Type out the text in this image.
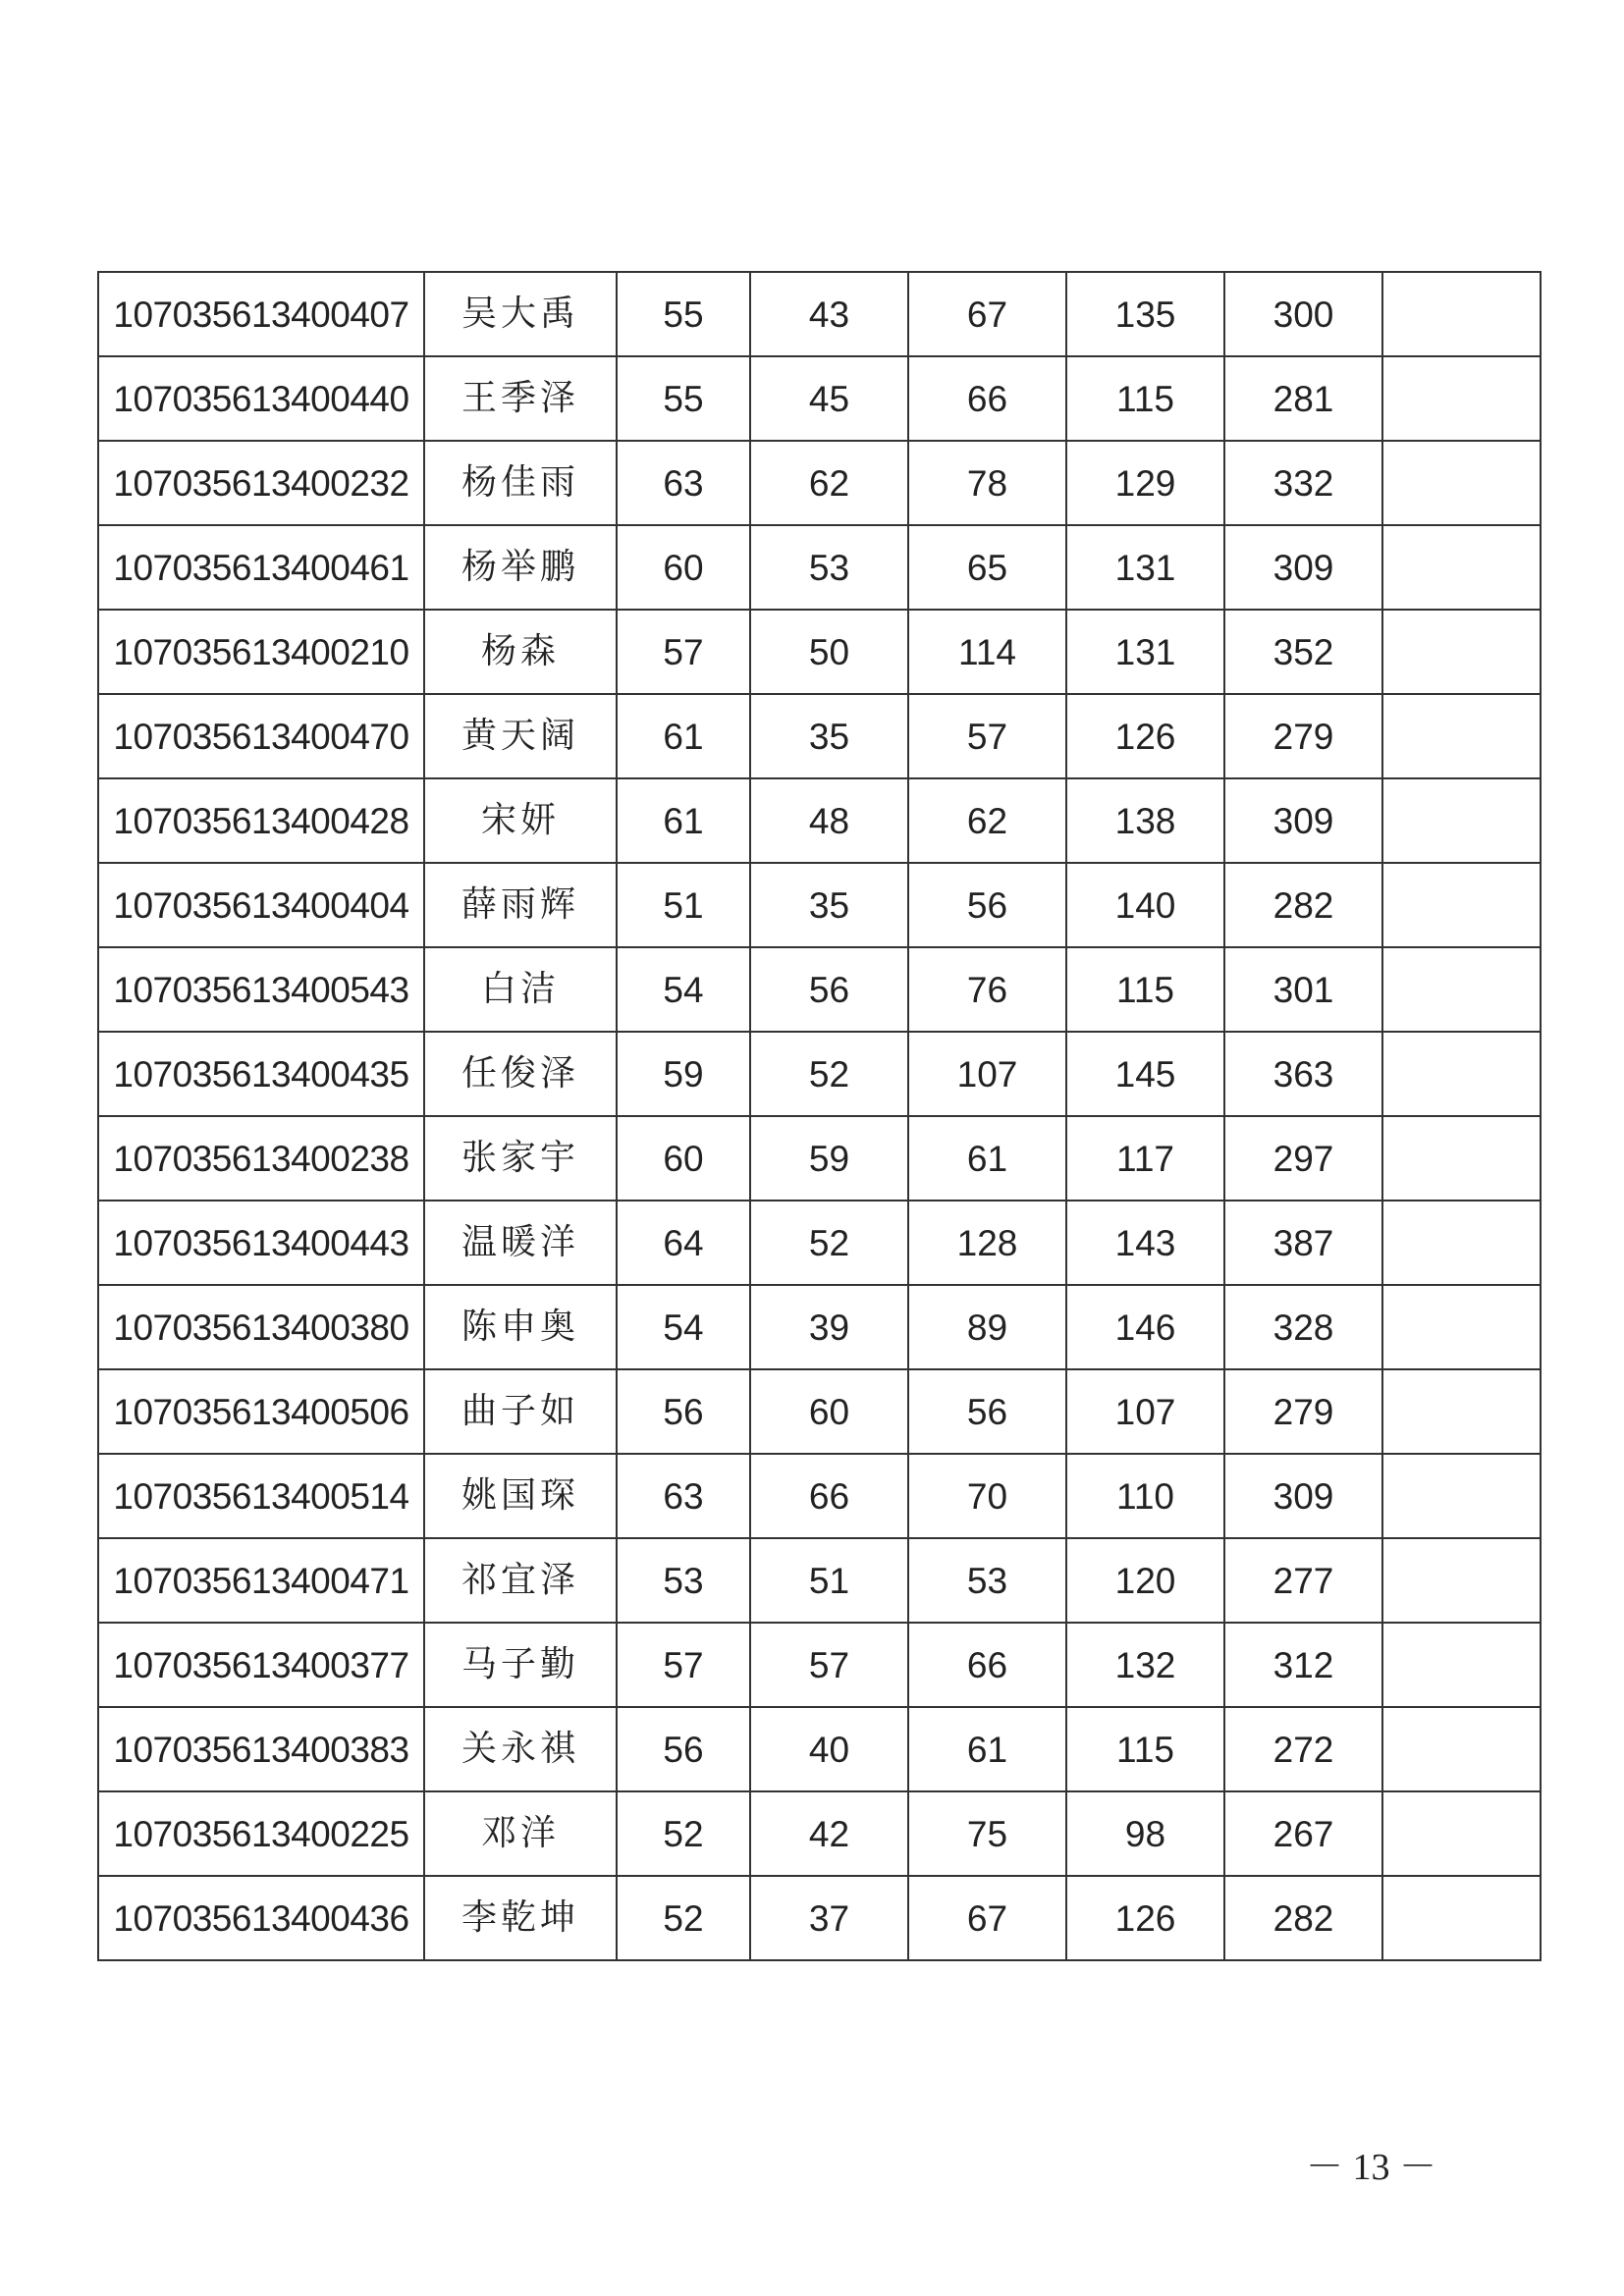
107035613400407	吴大禹	55	43	67	135	300	
107035613400440	王季泽	55	45	66	115	281	
107035613400232	杨佳雨	63	62	78	129	332	
107035613400461	杨举鹏	60	53	65	131	309	
107035613400210	杨森	57	50	114	131	352	
107035613400470	黄天阔	61	35	57	126	279	
107035613400428	宋妍	61	48	62	138	309	
107035613400404	薛雨辉	51	35	56	140	282	
107035613400543	白洁	54	56	76	115	301	
107035613400435	任俊泽	59	52	107	145	363	
107035613400238	张家宇	60	59	61	117	297	
107035613400443	温暖洋	64	52	128	143	387	
107035613400380	陈申奥	54	39	89	146	328	
107035613400506	曲子如	56	60	56	107	279	
107035613400514	姚国琛	63	66	70	110	309	
107035613400471	祁宜泽	53	51	53	120	277	
107035613400377	马子勤	57	57	66	132	312	
107035613400383	关永祺	56	40	61	115	272	
107035613400225	邓洋	52	42	75	98	267	
107035613400436	李乾坤	52	37	67	126	282	
－ 13 －
